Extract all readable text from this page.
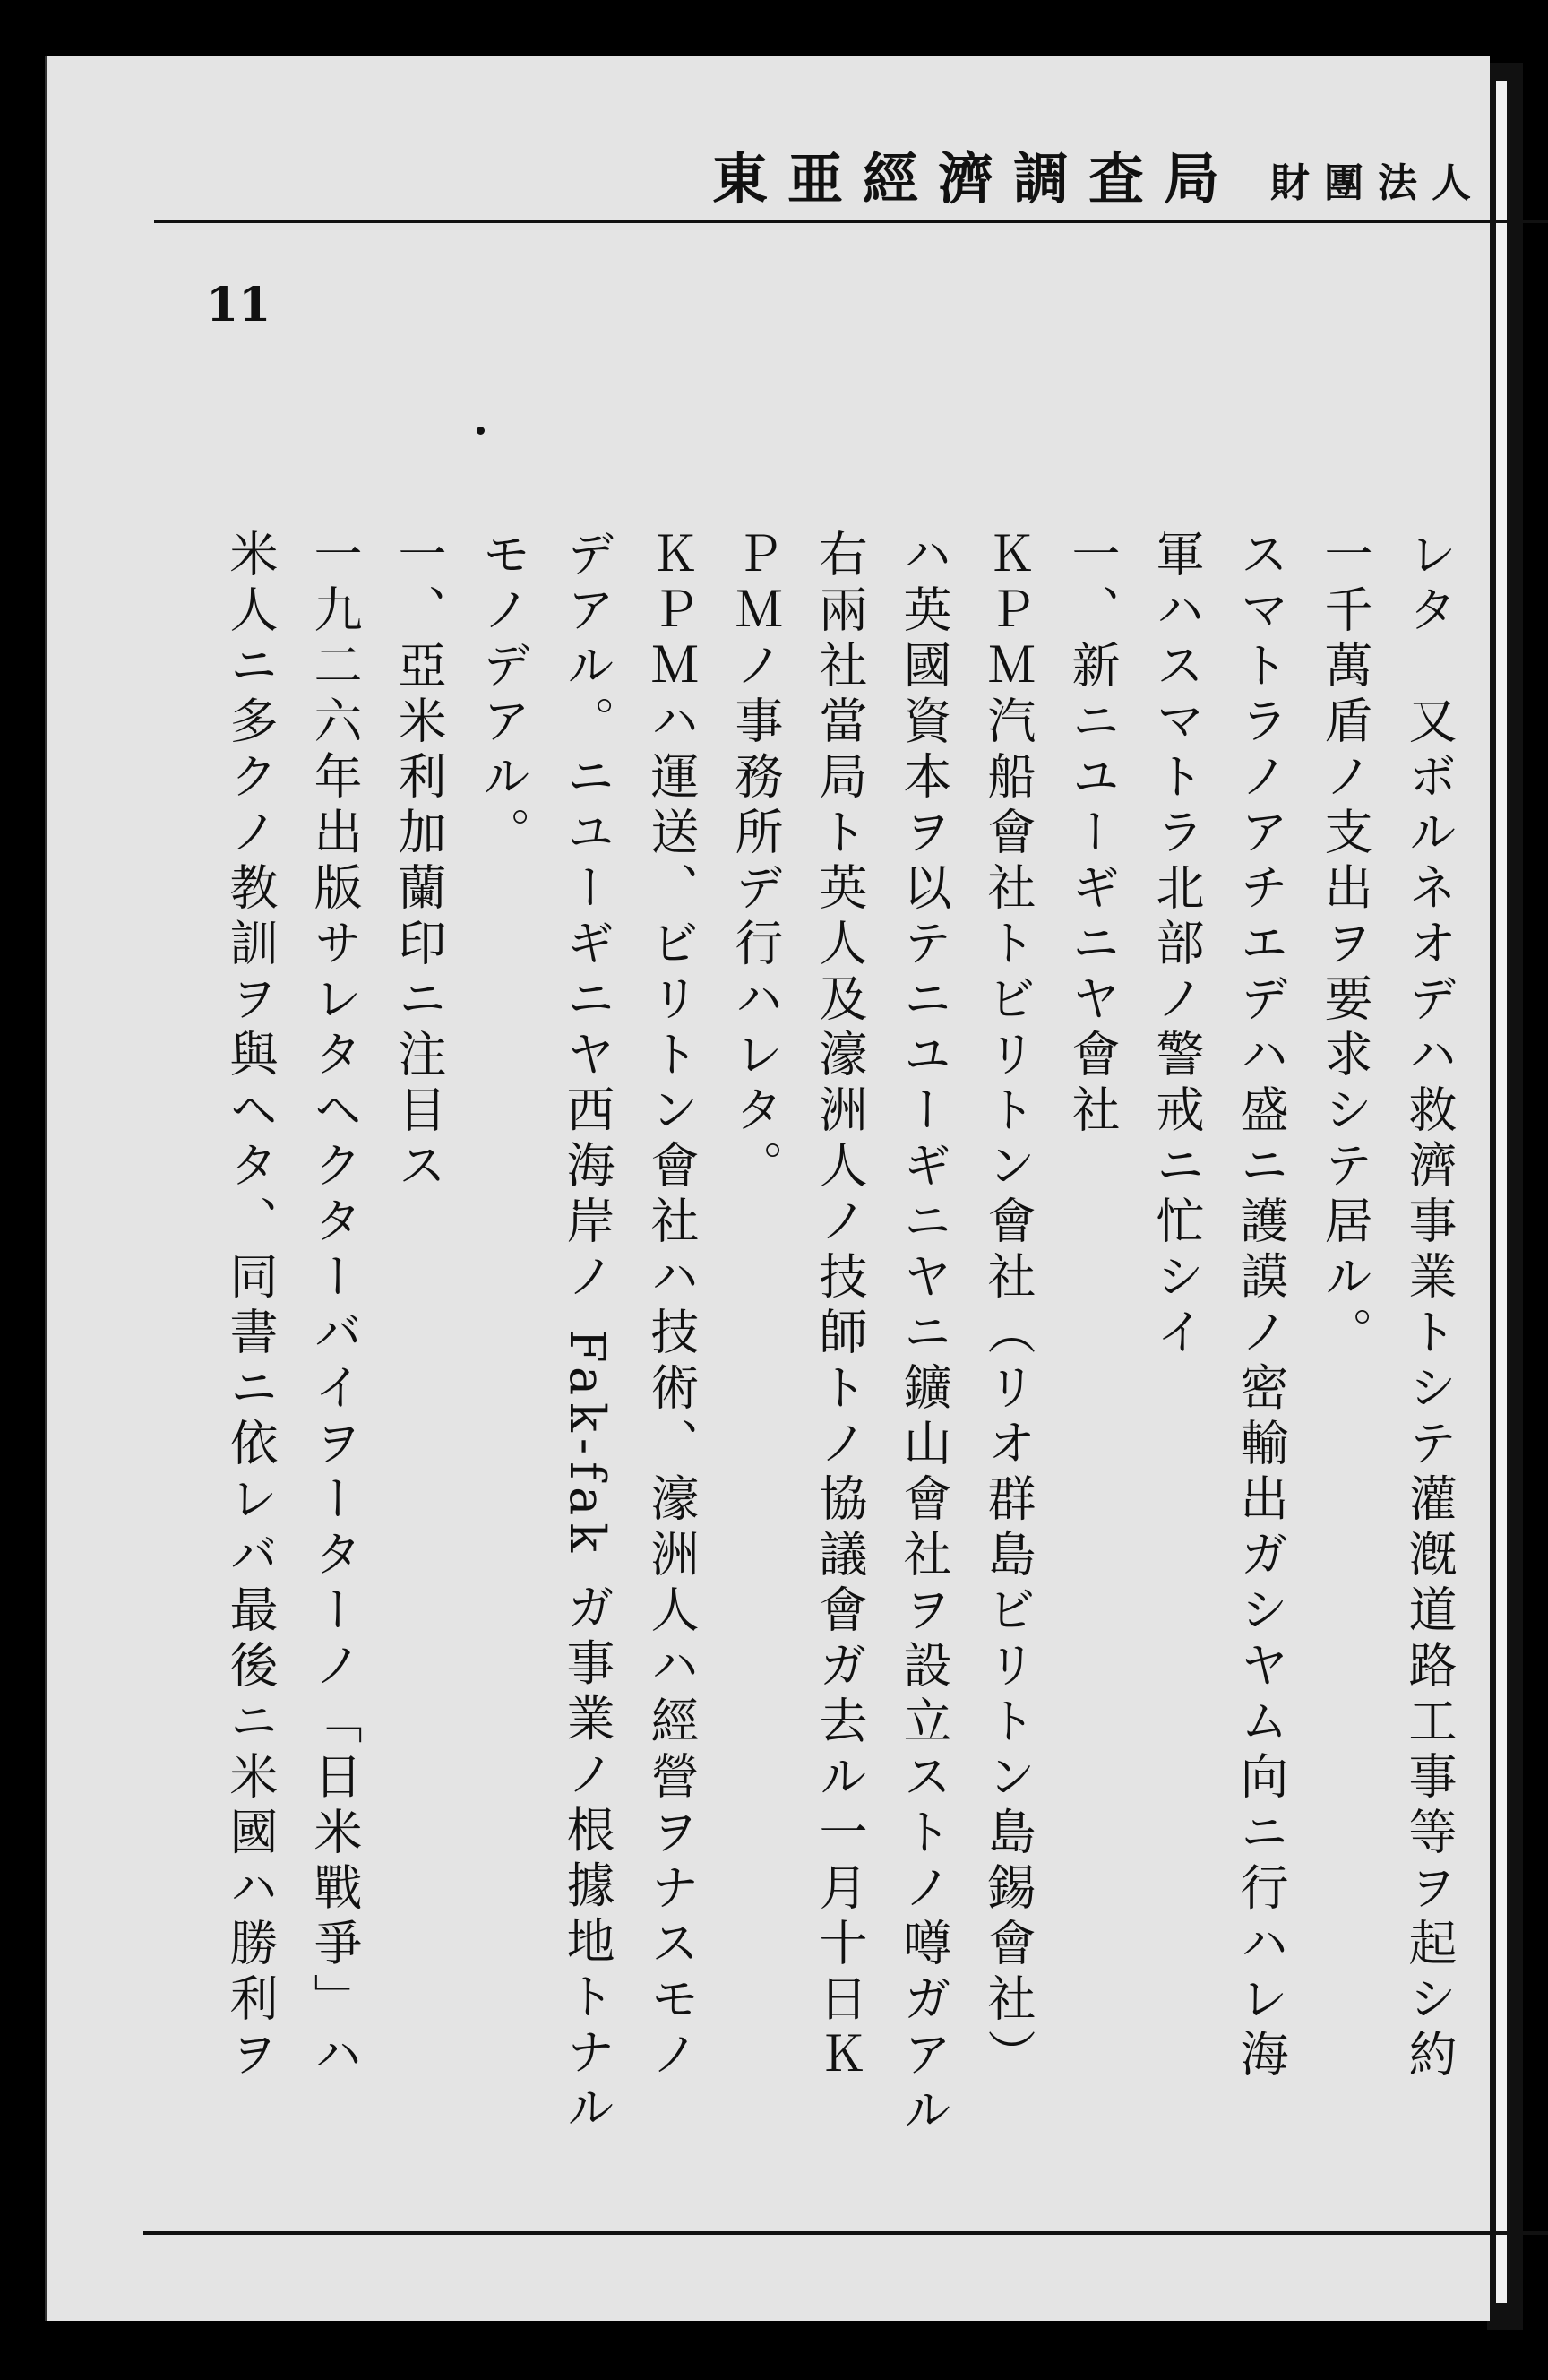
東亜經濟調査局 財團法人
11

レタ　又ボルネオデハ救濟事業トシテ灌漑道路工事等ヲ起シ約

一千萬盾ノ支出ヲ要求シテ居ル。

スマトラノアチエデハ盛ニ護謨ノ密輸出ガシヤム向ニ行ハレ海

軍ハスマトラ北部ノ警戒ニ忙シイ

一、新ニユーギニヤ會社

ＫＰＭ汽船會社トビリトン會社（リオ群島ビリトン島錫會社）

ハ英國資本ヲ以テニユーギニヤニ鑛山會社ヲ設立ストノ噂ガアル

右兩社當局ト英人及濠洲人ノ技師トノ協議會ガ去ル一月十日Ｋ

ＰＭノ事務所デ行ハレタ。

ＫＰＭハ運送、ビリトン會社ハ技術、濠洲人ハ經營ヲナスモノ

デアル。ニユーギニヤ西海岸ノ Fak-fak ガ事業ノ根據地トナル

モノデアル。

一、亞米利加蘭印ニ注目ス

一九二六年出版サレタヘクターバイヲーターノ「日米戰爭」ハ

米人ニ多クノ教訓ヲ與ヘタ、同書ニ依レバ最後ニ米國ハ勝利ヲ
